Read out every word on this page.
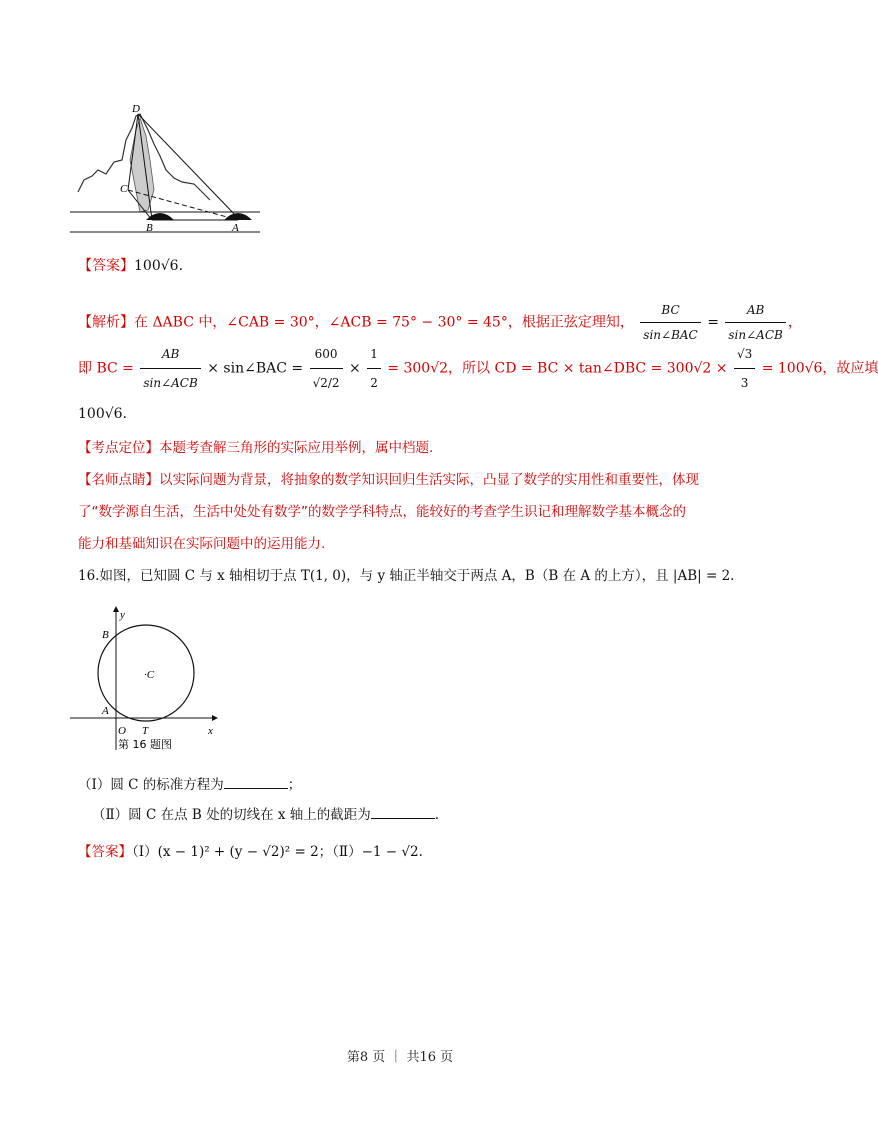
D
C
B	A
【答案】100√6.
【解析】在 ΔABC 中，∠CAB = 30°，∠ACB = 75° − 30° = 45°，根据正弦定理知， $\frac{BC}{\text{sin∠BAC}} = \frac{AB}{\text{sin∠ACB}}$ ，
即 BC = $\frac{AB}{\text{sin∠ACB}}$ × sin∠BAC = $\frac{600}{√2/2} \times \frac{1}{2} = 300√2$，所以 CD = BC × tan∠DBC = $300√2 \times \frac{√3}{3} = 100√6$，故应填
100√6.
【考点定位】本题考查解三角形的实际应用举例，属中档题.
【名师点睛】以实际问题为背景，将抽象的数学知识回归生活实际，凸显了数学的实用性和重要性，体现
了“数学源自生活，生活中处处有数学”的数学学科特点，能较好的考查学生识记和理解数学基本概念的
能力和基础知识在实际问题中的运用能力.
16.如图，已知圆 C 与 x 轴相切于点 T(1, 0)，与 y 轴正半轴交于两点 A，B（B 在 A 的上方），且 |AB| = 2.
y
B
·C
A
O T	x
第 16 题图
（Ⅰ）圆 C 的标准方程为	；
（Ⅱ）圆 C 在点 B 处的切线在 x 轴上的截距为	.
【答案】（Ⅰ）(x − 1)² + (y − √2)² = 2；（Ⅱ）−1 − √2.
第8 页 ｜ 共16 页
